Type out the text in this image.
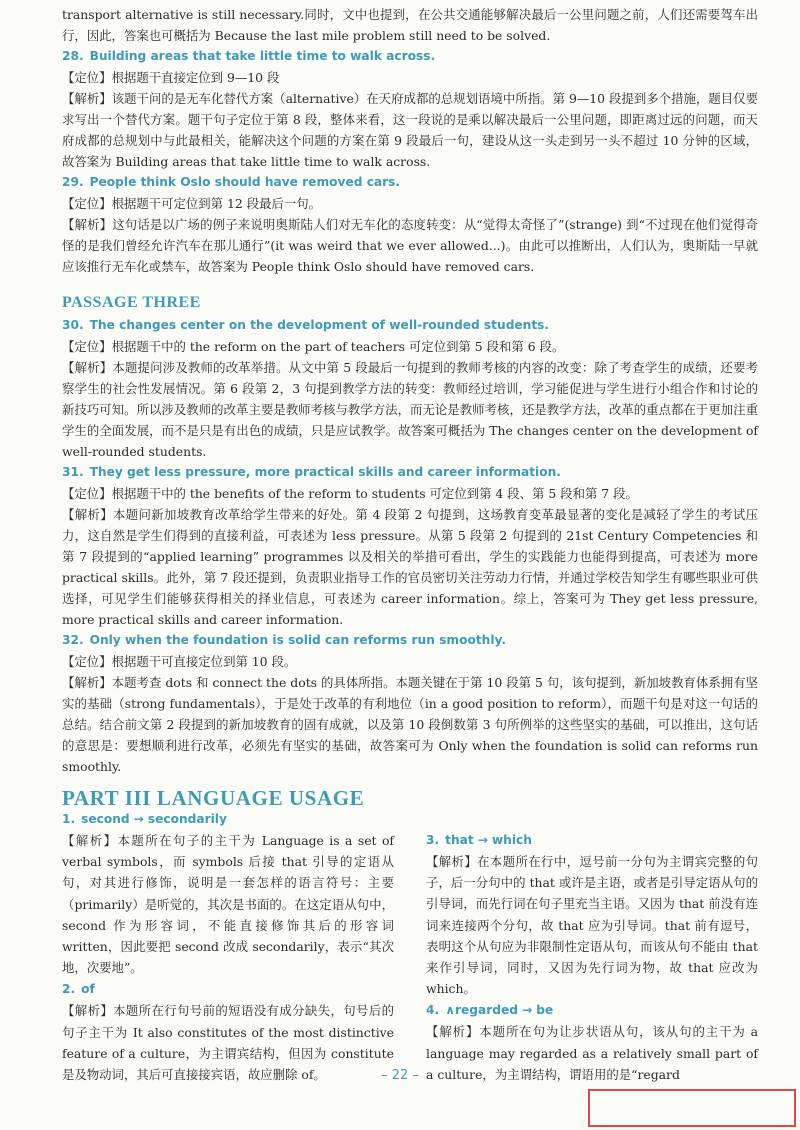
transport alternative is still necessary.同时，文中也提到，在公共交通能够解决最后一公里问题之前，人们还需要驾车出行，因此，答案也可概括为 Because the last mile problem still need to be solved.

28. Building areas that take little time to walk across.

【定位】根据题干直接定位到 9—10 段

【解析】该题干问的是无车化替代方案（alternative）在天府成都的总规划语境中所指。第 9—10 段提到多个措施，题目仅要求写出一个替代方案。题干句子定位于第 8 段，整体来看，这一段说的是乘以解决最后一公里问题，即距离过远的问题，而天府成都的总规划中与此最相关，能解决这个问题的方案在第 9 段最后一句，建设从这一头走到另一头不超过 10 分钟的区域，故答案为 Building areas that take little time to walk across.

29. People think Oslo should have removed cars.

【定位】根据题干可定位到第 12 段最后一句。

【解析】这句话是以广场的例子来说明奥斯陆人们对无车化的态度转变：从“觉得太奇怪了”(strange) 到“不过现在他们觉得奇怪的是我们曾经允许汽车在那儿通行”(it was weird that we ever allowed...)。由此可以推断出，人们认为，奥斯陆一早就应该推行无车化或禁车，故答案为 People think Oslo should have removed cars.

PASSAGE THREE

30. The changes center on the development of well-rounded students.

【定位】根据题干中的 the reform on the part of teachers 可定位到第 5 段和第 6 段。

【解析】本题提问涉及教师的改革举措。从文中第 5 段最后一句提到的教师考核的内容的改变：除了考查学生的成绩，还要考察学生的社会性发展情况。第 6 段第 2，3 句提到教学方法的转变：教师经过培训，学习能促进与学生进行小组合作和讨论的新技巧可知。所以涉及教师的改革主要是教师考核与教学方法，而无论是教师考核，还是教学方法，改革的重点都在于更加注重学生的全面发展，而不是只是有出色的成绩，只是应试教学。故答案可概括为 The changes center on the development of well-rounded students.

31. They get less pressure, more practical skills and career information.

【定位】根据题干中的 the benefits of the reform to students 可定位到第 4 段、第 5 段和第 7 段。

【解析】本题问新加坡教育改革给学生带来的好处。第 4 段第 2 句提到，这场教育变革最显著的变化是减轻了学生的考试压力，这自然是学生们得到的直接利益，可表述为 less pressure。从第 5 段第 2 句提到的 21st Century Competencies 和第 7 段提到的“applied learning” programmes 以及相关的举措可看出，学生的实践能力也能得到提高，可表述为 more practical skills。此外，第 7 段还提到，负责职业指导工作的官员密切关注劳动力行情，并通过学校告知学生有哪些职业可供选择，可见学生们能够获得相关的择业信息，可表述为 career information。综上，答案可为 They get less pressure, more practical skills and career information.

32. Only when the foundation is solid can reforms run smoothly.

【定位】根据题干可直接定位到第 10 段。

【解析】本题考查 dots 和 connect the dots 的具体所指。本题关键在于第 10 段第 5 句，该句提到，新加坡教育体系拥有坚实的基础（strong fundamentals），于是处于改革的有利地位（in a good position to reform），而题干句是对这一句话的总结。结合前文第 2 段提到的新加坡教育的固有成就，以及第 10 段倒数第 3 句所例举的这些坚实的基础，可以推出，这句话的意思是：要想顺利进行改革，必须先有坚实的基础，故答案可为 Only when the foundation is solid can reforms run smoothly.

PART III LANGUAGE USAGE

1. second → secondarily

【解析】本题所在句子的主干为 Language is a set of verbal symbols，而 symbols 后接 that 引导的定语从句，对其进行修饰，说明是一套怎样的语言符号：主要（primarily）是听觉的，其次是书面的。在这定语从句中，second 作为形容词，不能直接修饰其后的形容词 written，因此要把 second 改成 secondarily，表示“其次地，次要地”。

2. of

【解析】本题所在行句号前的短语没有成分缺失，句号后的句子主干为 It also constitutes of the most distinctive feature of a culture，为主谓宾结构，但因为 constitute 是及物动词，其后可直接接宾语，故应删除 of。

3. that → which

【解析】在本题所在行中，逗号前一分句为主谓宾完整的句子，后一分句中的 that 或许是主语，或者是引导定语从句的引导词，而先行词在句子里充当主语。又因为 that 前没有连词来连接两个分句，故 that 应为引导词。that 前有逗号，表明这个从句应为非限制性定语从句，而该从句不能由 that 来作引导词，同时，又因为先行词为物，故 that 应改为 which。

4. ∧regarded → be

【解析】本题所在句为让步状语从句，该从句的主干为 a language may regarded as a relatively small part of a culture，为主谓结构，谓语用的是“regard

– 22 –
